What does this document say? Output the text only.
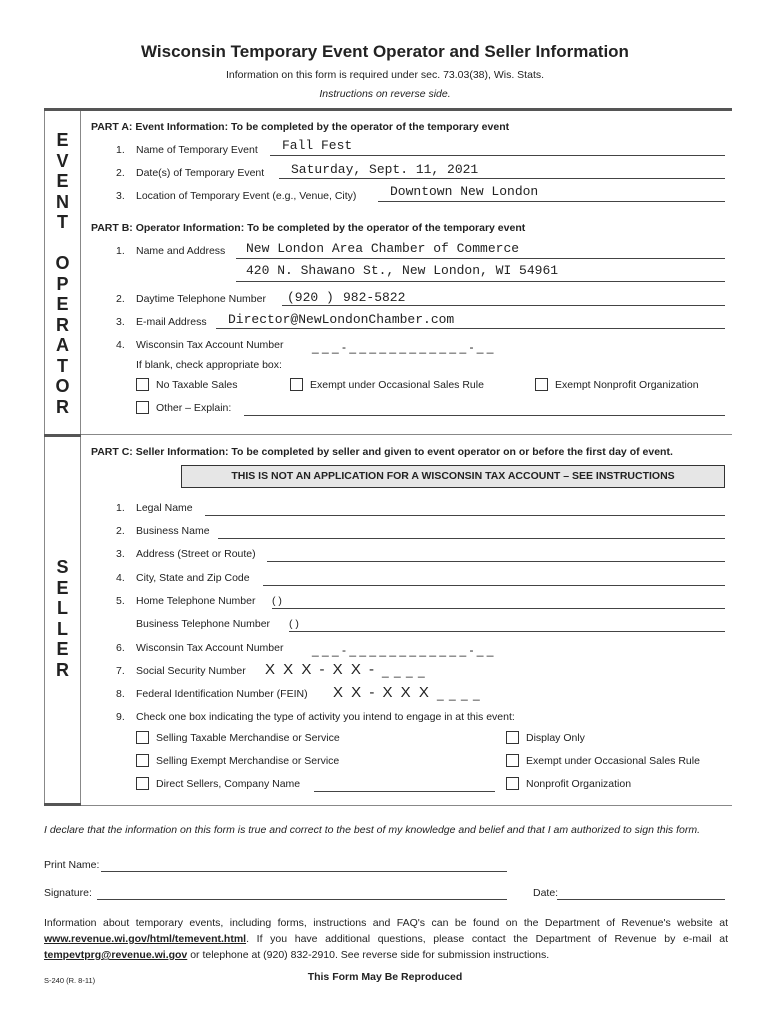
Wisconsin Temporary Event Operator and Seller Information
Information on this form is required under sec. 73.03(38), Wis. Stats.
Instructions on reverse side.
E
V
E
N
T

O
P
E
R
A
T
O
R
S
E
L
L
E
R
PART A: Event Information: To be completed by the operator of the temporary event
1. Name of Temporary Event Fall Fest
2. Date(s) of Temporary Event Saturday, Sept. 11, 2021
3. Location of Temporary Event (e.g., Venue, City)	Downtown New London
PART B: Operator Information: To be completed by the operator of the temporary event
1. Name and Address New London Area Chamber of Commerce
420 N. Shawano St., New London, WI 54961
2. Daytime Telephone Number (920 ) 982-5822
3. E-mail Address Director@NewLondonChamber.com
4. Wisconsin Tax Account Number _ _ _ - _ _ _ _ _ _ _ _ _ _ _ _ - _ _
If blank, check appropriate box:
No Taxable Sales	Exempt under Occasional Sales Rule	Exempt Nonprofit Organization
Other – Explain:
PART C: Seller Information: To be completed by seller and given to event operator on or before the first day of event.
THIS IS NOT AN APPLICATION FOR A WISCONSIN TAX ACCOUNT – SEE INSTRUCTIONS
1. Legal Name
2. Business Name
3. Address (Street or Route)
4. City, State and Zip Code
5. Home Telephone Number ( )
Business Telephone Number ( )
6. Wisconsin Tax Account Number _ _ _ - _ _ _ _ _ _ _ _ _ _ _ _ - _ _
7. Social Security Number X X X - X X - _ _ _ _
8. Federal Identification Number (FEIN) X X - X X X _ _ _ _
9. Check one box indicating the type of activity you intend to engage in at this event:
Selling Taxable Merchandise or Service	Display Only
Selling Exempt Merchandise or Service	Exempt under Occasional Sales Rule
Direct Sellers, Company Name	Nonprofit Organization
I declare that the information on this form is true and correct to the best of my knowledge and belief and that I am authorized to sign this form.
Print Name:
Signature:	Date:
Information about temporary events, including forms, instructions and FAQ's can be found on the Department of Revenue's website at www.revenue.wi.gov/html/temevent.html. If you have additional questions, please contact the Department of Revenue by e-mail at tempevtprg@revenue.wi.gov or telephone at (920) 832-2910. See reverse side for submission instructions.
S-240 (R. 8-11)	This Form May Be Reproduced
